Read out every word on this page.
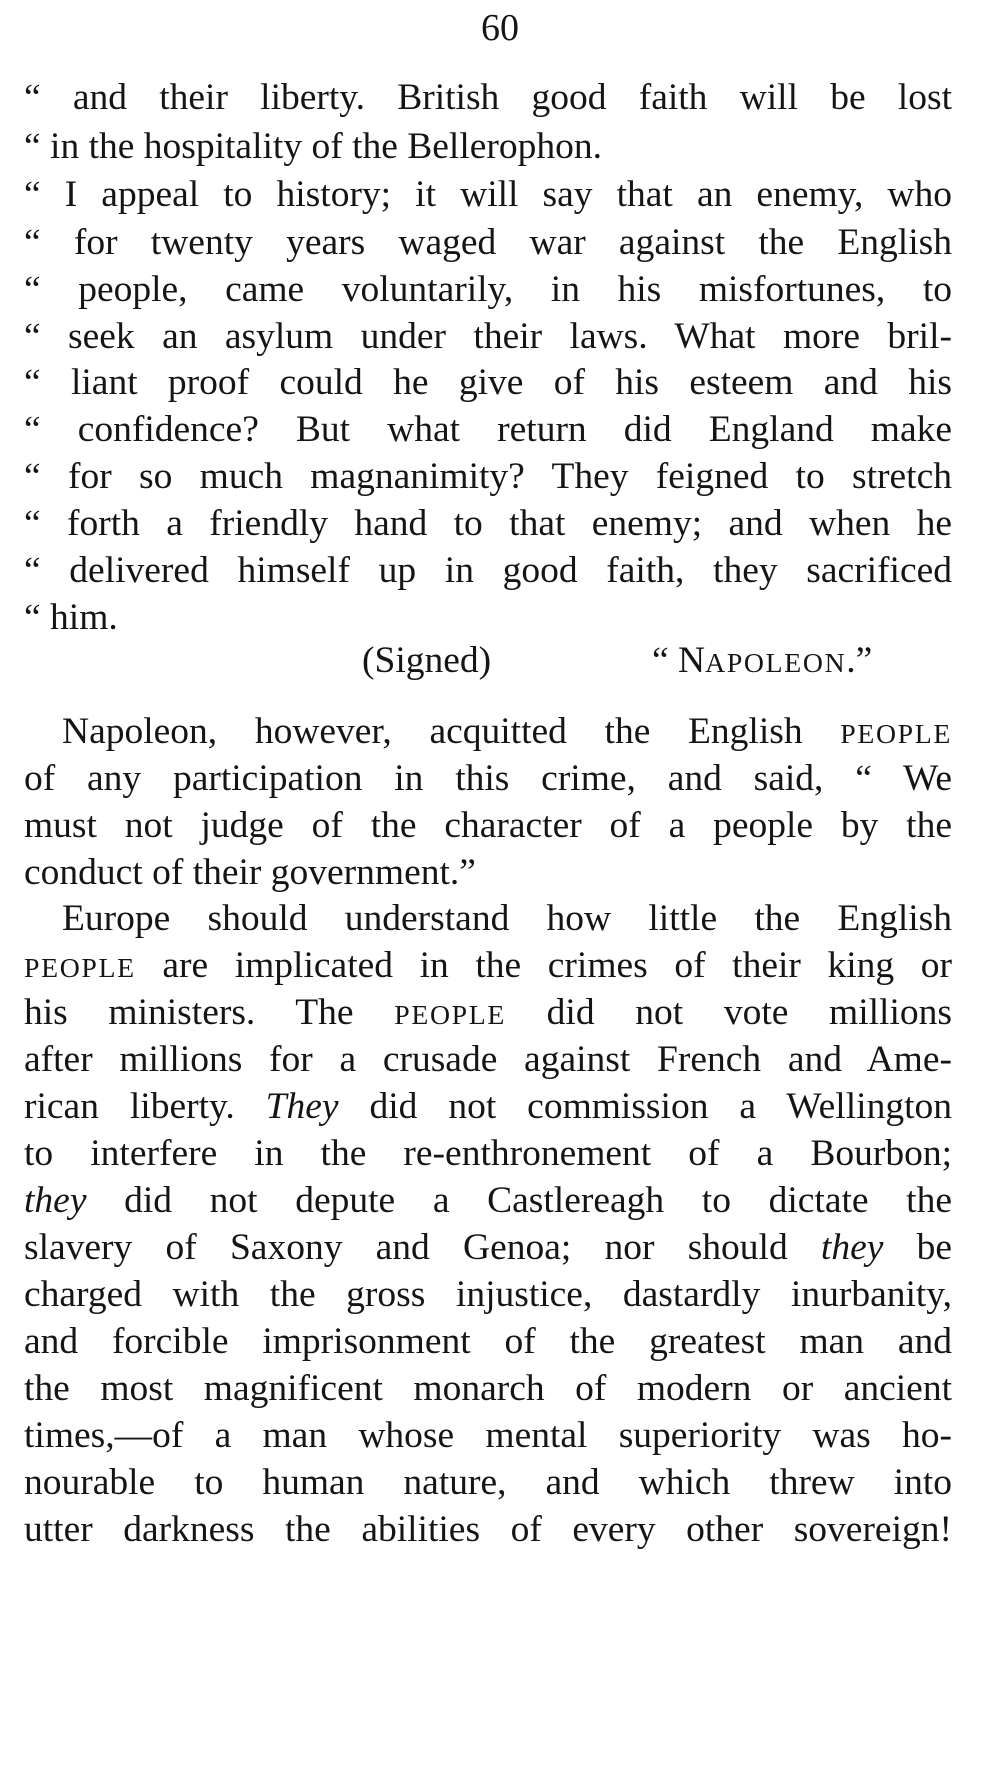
60
“ and their liberty. British good faith will be lost
“ in the hospitality of the Bellerophon.
“ I appeal to history; it will say that an enemy, who
“ for twenty years waged war against the English
“ people, came voluntarily, in his misfortunes, to
“ seek an asylum under their laws. What more bril-
“ liant proof could he give of his esteem and his
“ confidence? But what return did England make
“ for so much magnanimity? They feigned to stretch
“ forth a friendly hand to that enemy; and when he
“ delivered himself up in good faith, they sacrificed
“ him.
(Signed)	“ NAPOLEON.”
Napoleon, however, acquitted the English PEOPLE
of any participation in this crime, and said, “ We
must not judge of the character of a people by the
conduct of their government.”
Europe should understand how little the English
PEOPLE are implicated in the crimes of their king or
his ministers. The PEOPLE did not vote millions
after millions for a crusade against French and Ame-
rican liberty. They did not commission a Wellington
to interfere in the re-enthronement of a Bourbon;
they did not depute a Castlereagh to dictate the
slavery of Saxony and Genoa; nor should they be
charged with the gross injustice, dastardly inurbanity,
and forcible imprisonment of the greatest man and
the most magnificent monarch of modern or ancient
times,—of a man whose mental superiority was ho-
nourable to human nature, and which threw into
utter darkness the abilities of every other sovereign!
